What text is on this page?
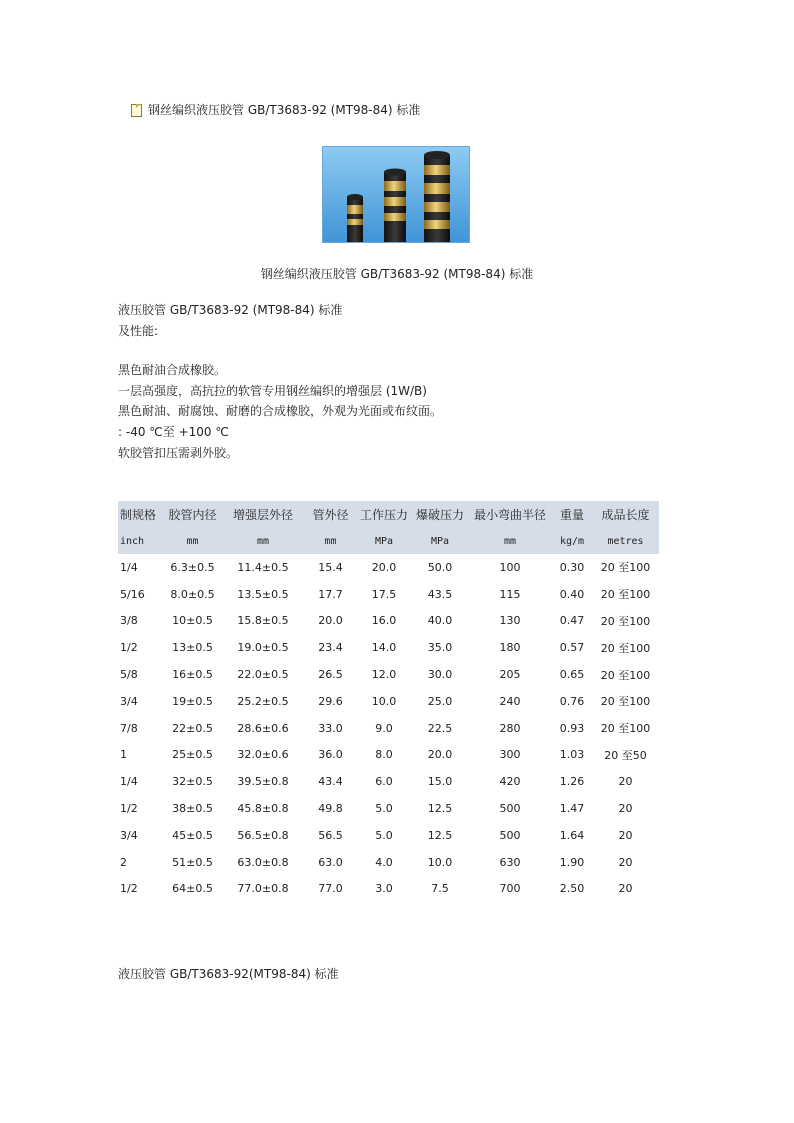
钢丝编织液压胶管 GB/T3683-92 (MT98-84) 标准
钢丝编织液压胶管 GB/T3683-92 (MT98-84) 标准
液压胶管 GB/T3683-92 (MT98-84) 标准
及性能:
黑色耐油合成橡胶。
一层高强度，高抗拉的软管专用钢丝编织的增强层 (1W/B)
黑色耐油、耐腐蚀、耐磨的合成橡胶，外观为光面或布纹面。
: -40 ℃至 +100 ℃
软胶管扣压需剥外胶。
制规格	胶管内径	增强层外径	管外径	工作压力	爆破压力	最小弯曲半径	重量	成品长度
inch	mm	mm	mm	MPa	MPa	mm	kg/m	metres
1/4	6.3±0.5	11.4±0.5	15.4	20.0	50.0	100	0.30	20 至100
5/16	8.0±0.5	13.5±0.5	17.7	17.5	43.5	115	0.40	20 至100
3/8	10±0.5	15.8±0.5	20.0	16.0	40.0	130	0.47	20 至100
1/2	13±0.5	19.0±0.5	23.4	14.0	35.0	180	0.57	20 至100
5/8	16±0.5	22.0±0.5	26.5	12.0	30.0	205	0.65	20 至100
3/4	19±0.5	25.2±0.5	29.6	10.0	25.0	240	0.76	20 至100
7/8	22±0.5	28.6±0.6	33.0	9.0	22.5	280	0.93	20 至100
1	25±0.5	32.0±0.6	36.0	8.0	20.0	300	1.03	20 至50
1/4	32±0.5	39.5±0.8	43.4	6.0	15.0	420	1.26	20
1/2	38±0.5	45.8±0.8	49.8	5.0	12.5	500	1.47	20
3/4	45±0.5	56.5±0.8	56.5	5.0	12.5	500	1.64	20
2	51±0.5	63.0±0.8	63.0	4.0	10.0	630	1.90	20
1/2	64±0.5	77.0±0.8	77.0	3.0	7.5	700	2.50	20
液压胶管 GB/T3683-92(MT98-84) 标准
